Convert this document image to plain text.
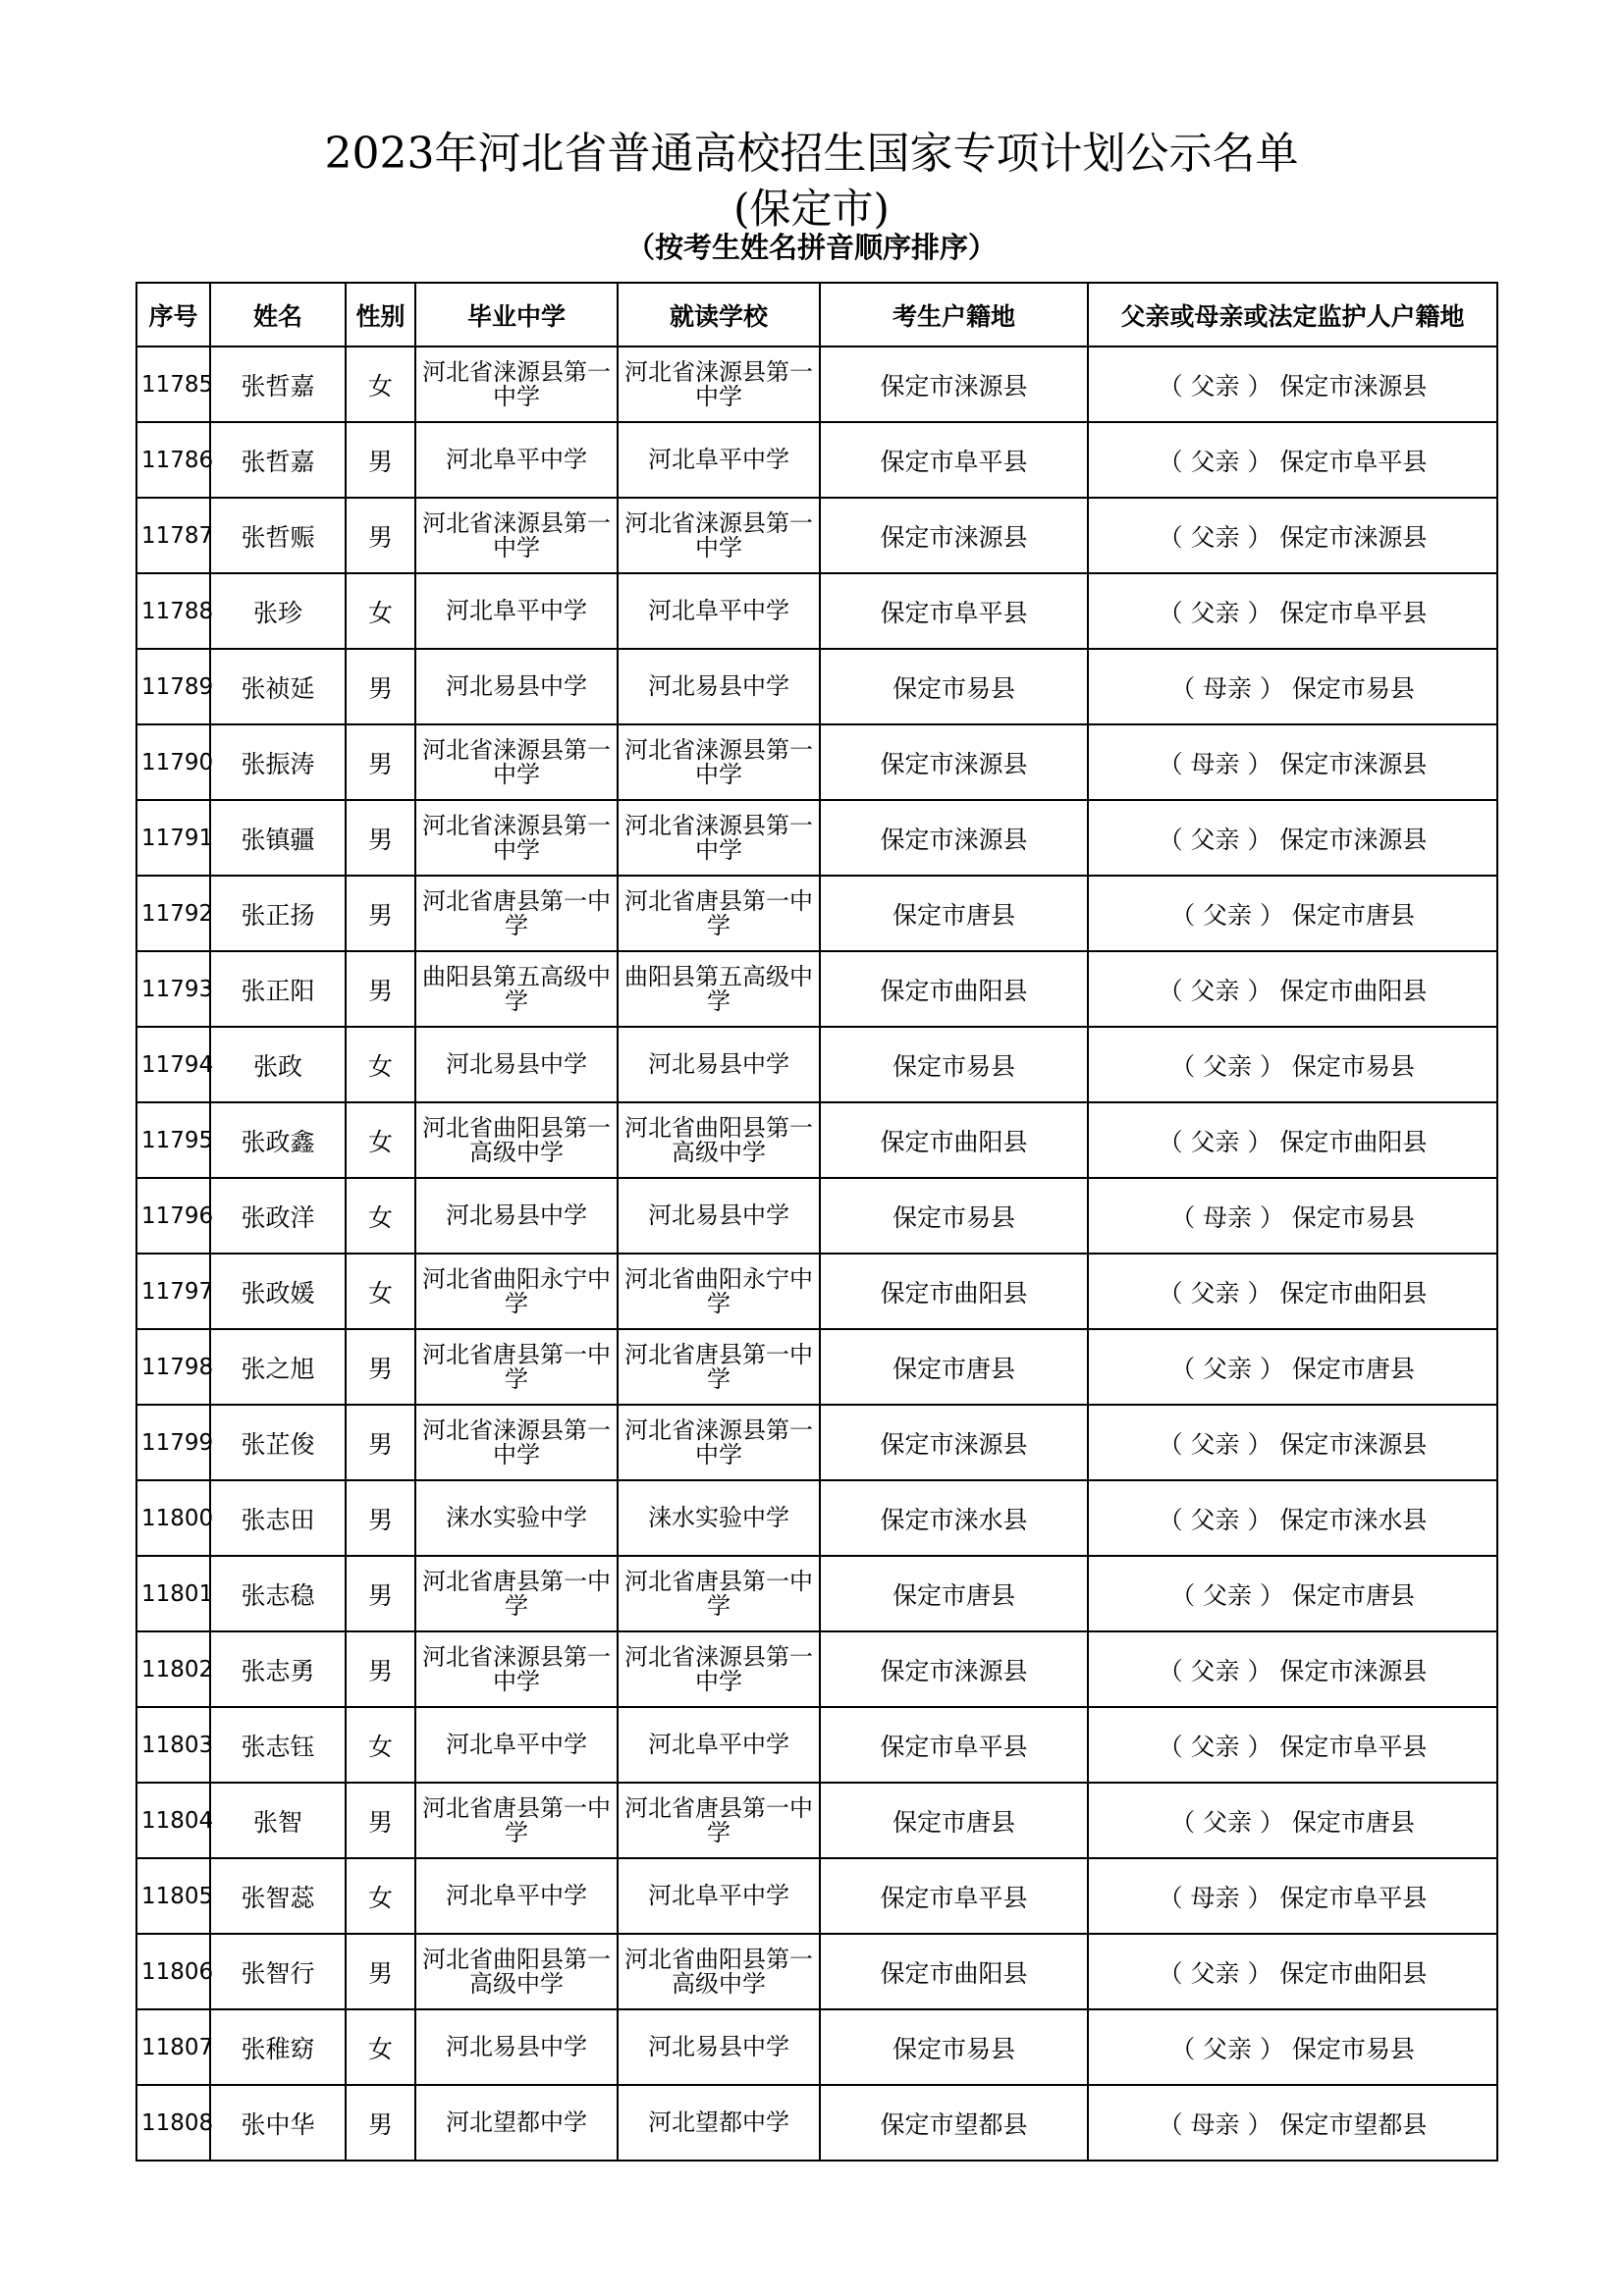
2023年河北省普通高校招生国家专项计划公示名单
(保定市)
（按考生姓名拼音顺序排序）
序号	姓名	性别	毕业中学	就读学校	考生户籍地	父亲或母亲或法定监护人户籍地
11785	张哲嘉	女	河北省涞源县第一中学	河北省涞源县第一中学	保定市涞源县	（ 父亲 ） 保定市涞源县
11786	张哲嘉	男	河北阜平中学	河北阜平中学	保定市阜平县	（ 父亲 ） 保定市阜平县
11787	张哲赈	男	河北省涞源县第一中学	河北省涞源县第一中学	保定市涞源县	（ 父亲 ） 保定市涞源县
11788	张珍	女	河北阜平中学	河北阜平中学	保定市阜平县	（ 父亲 ） 保定市阜平县
11789	张祯延	男	河北易县中学	河北易县中学	保定市易县	（ 母亲 ） 保定市易县
11790	张振涛	男	河北省涞源县第一中学	河北省涞源县第一中学	保定市涞源县	（ 母亲 ） 保定市涞源县
11791	张镇疆	男	河北省涞源县第一中学	河北省涞源县第一中学	保定市涞源县	（ 父亲 ） 保定市涞源县
11792	张正扬	男	河北省唐县第一中学	河北省唐县第一中学	保定市唐县	（ 父亲 ） 保定市唐县
11793	张正阳	男	曲阳县第五高级中学	曲阳县第五高级中学	保定市曲阳县	（ 父亲 ） 保定市曲阳县
11794	张政	女	河北易县中学	河北易县中学	保定市易县	（ 父亲 ） 保定市易县
11795	张政鑫	女	河北省曲阳县第一高级中学	河北省曲阳县第一高级中学	保定市曲阳县	（ 父亲 ） 保定市曲阳县
11796	张政洋	女	河北易县中学	河北易县中学	保定市易县	（ 母亲 ） 保定市易县
11797	张政媛	女	河北省曲阳永宁中学	河北省曲阳永宁中学	保定市曲阳县	（ 父亲 ） 保定市曲阳县
11798	张之旭	男	河北省唐县第一中学	河北省唐县第一中学	保定市唐县	（ 父亲 ） 保定市唐县
11799	张芷俊	男	河北省涞源县第一中学	河北省涞源县第一中学	保定市涞源县	（ 父亲 ） 保定市涞源县
11800	张志田	男	涞水实验中学	涞水实验中学	保定市涞水县	（ 父亲 ） 保定市涞水县
11801	张志稳	男	河北省唐县第一中学	河北省唐县第一中学	保定市唐县	（ 父亲 ） 保定市唐县
11802	张志勇	男	河北省涞源县第一中学	河北省涞源县第一中学	保定市涞源县	（ 父亲 ） 保定市涞源县
11803	张志钰	女	河北阜平中学	河北阜平中学	保定市阜平县	（ 父亲 ） 保定市阜平县
11804	张智	男	河北省唐县第一中学	河北省唐县第一中学	保定市唐县	（ 父亲 ） 保定市唐县
11805	张智蕊	女	河北阜平中学	河北阜平中学	保定市阜平县	（ 母亲 ） 保定市阜平县
11806	张智行	男	河北省曲阳县第一高级中学	河北省曲阳县第一高级中学	保定市曲阳县	（ 父亲 ） 保定市曲阳县
11807	张稚窈	女	河北易县中学	河北易县中学	保定市易县	（ 父亲 ） 保定市易县
11808	张中华	男	河北望都中学	河北望都中学	保定市望都县	（ 母亲 ） 保定市望都县
